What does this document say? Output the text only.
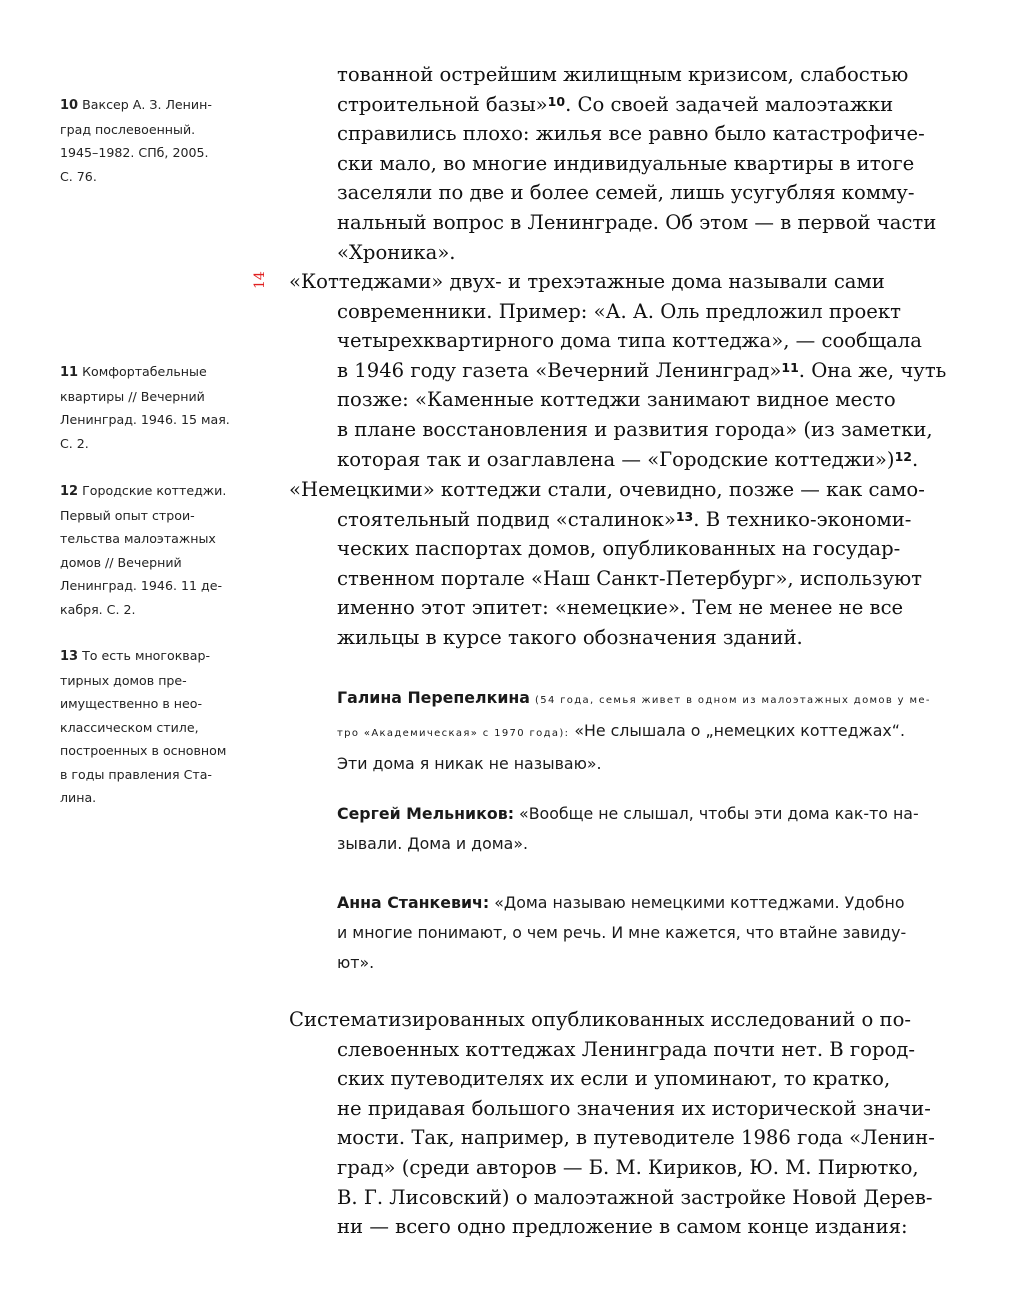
10 Ваксер А. З. Ленин-
град послевоенный.
1945–1982. СПб, 2005.
С. 76.
11 Комфортабельные
квартиры // Вечерний
Ленинград. 1946. 15 мая.
С. 2.
12 Городские коттеджи.
Первый опыт строи-
тельства малоэтажных
домов // Вечерний
Ленинград. 1946. 11 де-
кабря. С. 2.
13 То есть многоквар-
тирных домов пре-
имущественно в нео-
классическом стиле,
построенных в основном
в годы правления Ста-
лина.
14
тованной острейшим жилищным кризисом, слабостью
строительной базы»$^{10}$. Со своей задачей малоэтажки
справились плохо: жилья все равно было катастрофиче-
ски мало, во многие индивидуальные квартиры в итоге
заселяли по две и более семей, лишь усугубляя комму-
нальный вопрос в Ленинграде. Об этом — в первой части
«Хроника».
«Коттеджами» двух- и трехэтажные дома называли сами
современники. Пример: «А. А. Оль предложил проект
четырехквартирного дома типа коттеджа», — сообщала
в 1946 году газета «Вечерний Ленинград»$^{11}$. Она же, чуть
позже: «Каменные коттеджи занимают видное место
в плане восстановления и развития города» (из заметки,
которая так и озаглавлена — «Городские коттеджи»)$^{12}$.
«Немецкими» коттеджи стали, очевидно, позже — как само-
стоятельный подвид «сталинок»$^{13}$. В технико-экономи-
ческих паспортах домов, опубликованных на государ-
ственном портале «Наш Санкт-Петербург», используют
именно этот эпитет: «немецкие». Тем не менее не все
жильцы в курсе такого обозначения зданий.
Галина Перепелкина (54 года, семья живет в одном из малоэтажных домов у ме-
тро «Академическая» с 1970 года): «Не слышала о „немецких коттеджах“.
Эти дома я никак не называю».
Сергей Мельников: «Вообще не слышал, чтобы эти дома как-то на-
зывали. Дома и дома».
Анна Станкевич: «Дома называю немецкими коттеджами. Удобно
и многие понимают, о чем речь. И мне кажется, что втайне завиду-
ют».
Систематизированных опубликованных исследований о по-
слевоенных коттеджах Ленинграда почти нет. В город-
ских путеводителях их если и упоминают, то кратко,
не придавая большого значения их исторической значи-
мости. Так, например, в путеводителе 1986 года «Ленин-
град» (среди авторов — Б. М. Кириков, Ю. М. Пирютко,
В. Г. Лисовский) о малоэтажной застройке Новой Дерев-
ни — всего одно предложение в самом конце издания:
